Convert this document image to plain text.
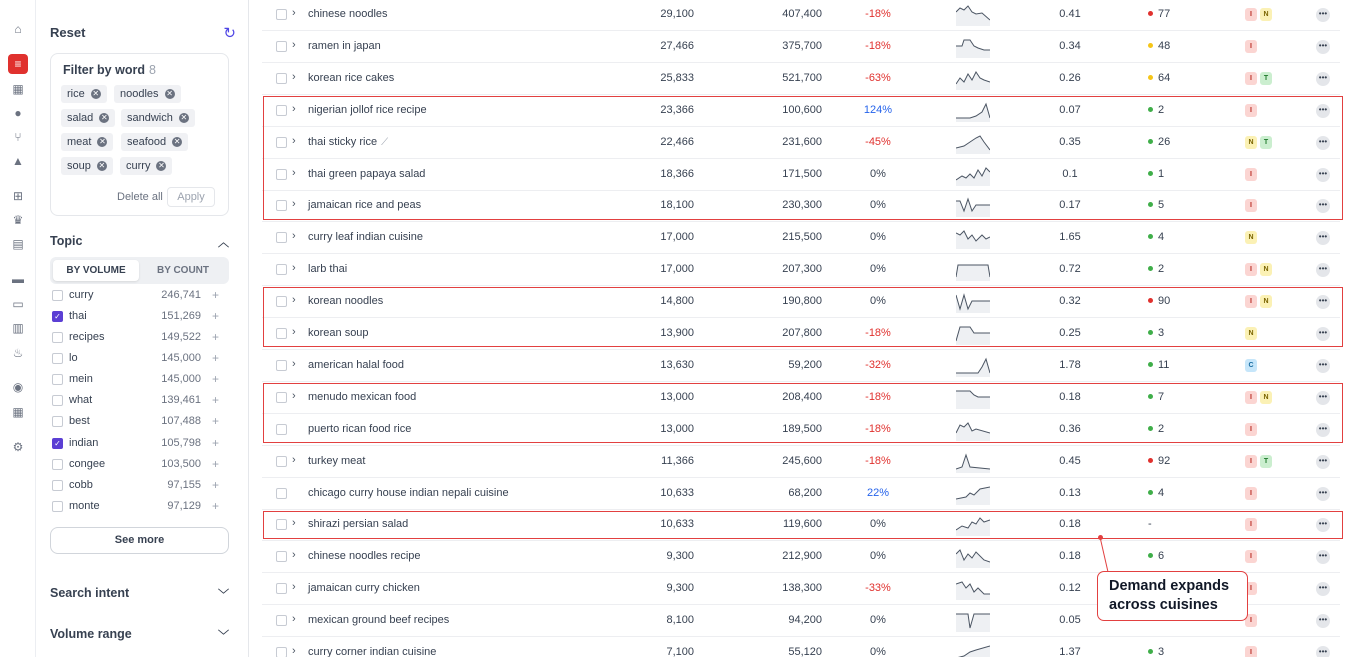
⌂
≡
▦
●
⑂
▲
⊞
♛
▤
▬
▭
▥
♨
◉
▦
⚙
Reset	↻
Filter by word 8
rice ✕ noodles ✕
salad ✕ sandwich ✕
meat ✕ seafood ✕
soup ✕ curry ✕
Delete all	Apply
Topic	︿
BY VOLUME	BY COUNT
curry	246,741 +
✓ thai	151,269 +
recipes	149,522 +
lo	145,000 +
mein	145,000 +
what	139,461 +
best	107,488 +
✓ indian	105,798 +
congee	103,500 +
cobb	97,155 +
monte	97,129 +
See more
Search intent	﹀
Volume range	﹀
› chinese noodles	29,100	407,400	-18%	0.41	77	I	N	•••
› ramen in japan	27,466	375,700	-18%	0.34	48	I	•••
› korean rice cakes	25,833	521,700	-63%	0.26	64	I	T	•••
› nigerian jollof rice recipe	23,366	100,600	124%	0.07	2	I	•••
› thai sticky rice ⟋	22,466	231,600	-45%	0.35	26	N	T	•••
› thai green papaya salad	18,366	171,500	0%	0.1	1	I	•••
› jamaican rice and peas	18,100	230,300	0%	0.17	5	I	•••
› curry leaf indian cuisine	17,000	215,500	0%	1.65	4	N	•••
› larb thai	17,000	207,300	0%	0.72	2	I	N	•••
› korean noodles	14,800	190,800	0%	0.32	90	I	N	•••
› korean soup	13,900	207,800	-18%	0.25	3	N	•••
› american halal food	13,630	59,200	-32%	1.78	11	C	•••
› menudo mexican food	13,000	208,400	-18%	0.18	7	I	N	•••
puerto rican food rice	13,000	189,500	-18%	0.36	2	I	•••
› turkey meat	11,366	245,600	-18%	0.45	92	I	T	•••
chicago curry house indian nepali cuisine	10,633	68,200	22%	0.13	4	I	•••
› shirazi persian salad	10,633	119,600	0%	0.18	-	I	•••
› chinese noodles recipe	9,300	212,900	0%	0.18	6	I	•••
› jamaican curry chicken	9,300	138,300	-33%	0.12	I	•••
› mexican ground beef recipes	8,100	94,200	0%	0.05	I	•••
› curry corner indian cuisine	7,100	55,120	0%	1.37	3	I	•••
Demand expands
across cuisines
